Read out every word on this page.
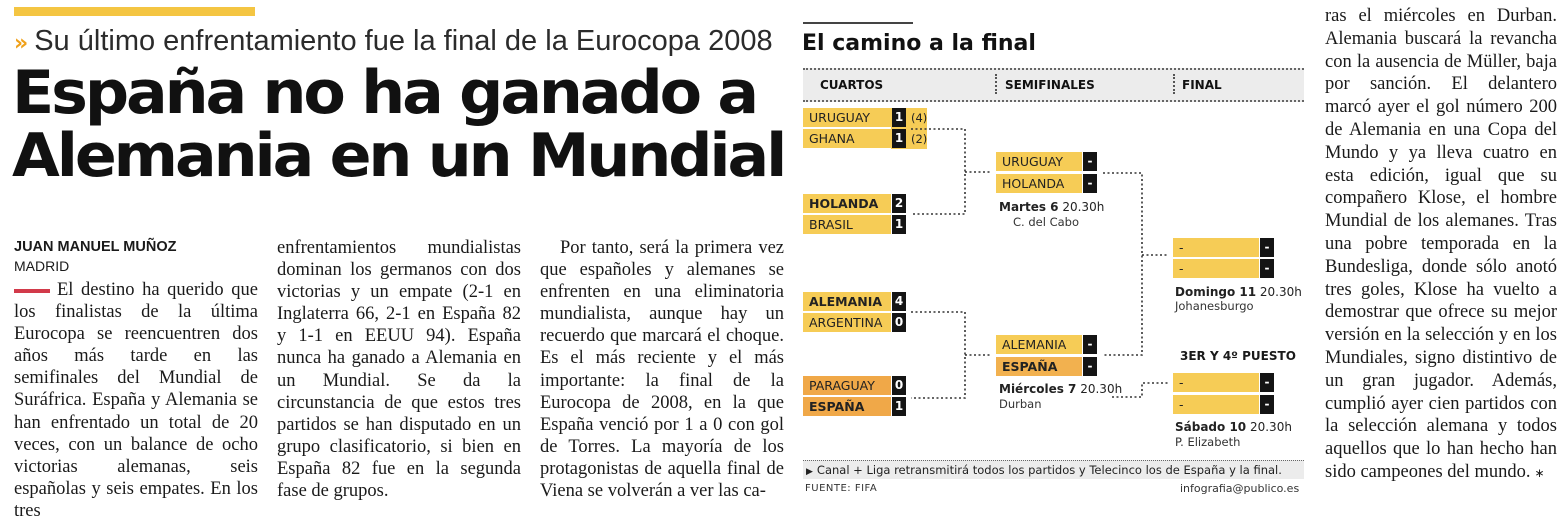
» Su último enfrentamiento fue la final de la Eurocopa 2008
España no ha ganado a
Alemania en un Mundial
JUAN MANUEL MUÑOZ
MADRID
El destino ha querido que los finalistas de la última Eurocopa se reencuentren dos años más tarde en las semifinales del Mundial de Suráfrica. España y Alemania se han enfrentado un total de 20 veces, con un balance de ocho victorias alemanas, seis españolas y seis empates. En los tres
enfrentamientos mundialistas dominan los germanos con dos victorias y un empate (2-1 en Inglaterra 66, 2-1 en España 82 y 1-1 en EEUU 94). España nunca ha ganado a Alemania en un Mundial. Se da la circunstancia de que estos tres partidos se han disputado en un grupo clasificatorio, si bien en España 82 fue en la segunda fase de grupos.
Por tanto, será la primera vez que españoles y alemanes se enfrenten en una eliminatoria mundialista, aunque hay un recuerdo que marcará el choque. Es el más reciente y el más importante: la final de la Eurocopa de 2008, en la que España venció por 1 a 0 con gol de Torres. La mayoría de los protagonistas de aquella final de Viena se volverán a ver las ca-
El camino a la final
CUARTOS	SEMIFINALES	FINAL
URUGUAY 1 (4)
GHANA	1 (2)
HOLANDA 2
BRASIL	1
ALEMANIA 4
ARGENTINA 0
PARAGUAY 0
ESPAÑA	1
URUGUAY	-
HOLANDA	-
Martes 6 20.30h
C. del Cabo
ALEMANIA	-
ESPAÑA	-
Miércoles 7 20.30h
Durban
-	-
-	-
Domingo 11 20.30h
Johanesburgo
3ER Y 4º PUESTO
-	-
-	-
Sábado 10 20.30h
P. Elizabeth
▶ Canal + Liga retransmitirá todos los partidos y Telecinco los de España y la final.
FUENTE: FIFA	infografia@publico.es
ras el miércoles en Durban. Alemania buscará la revancha con la ausencia de Müller, baja por sanción. El delantero marcó ayer el gol número 200 de Alemania en una Copa del Mundo y ya lleva cuatro en esta edición, igual que su compañero Klose, el hombre Mundial de los alemanes. Tras una pobre temporada en la Bundesliga, donde sólo anotó tres goles, Klose ha vuelto a demostrar que ofrece su mejor versión en la selección y en los Mundiales, signo distintivo de un gran jugador. Además, cumplió ayer cien partidos con la selección alemana y todos aquellos que lo han hecho han sido campeones del mundo. ∗
